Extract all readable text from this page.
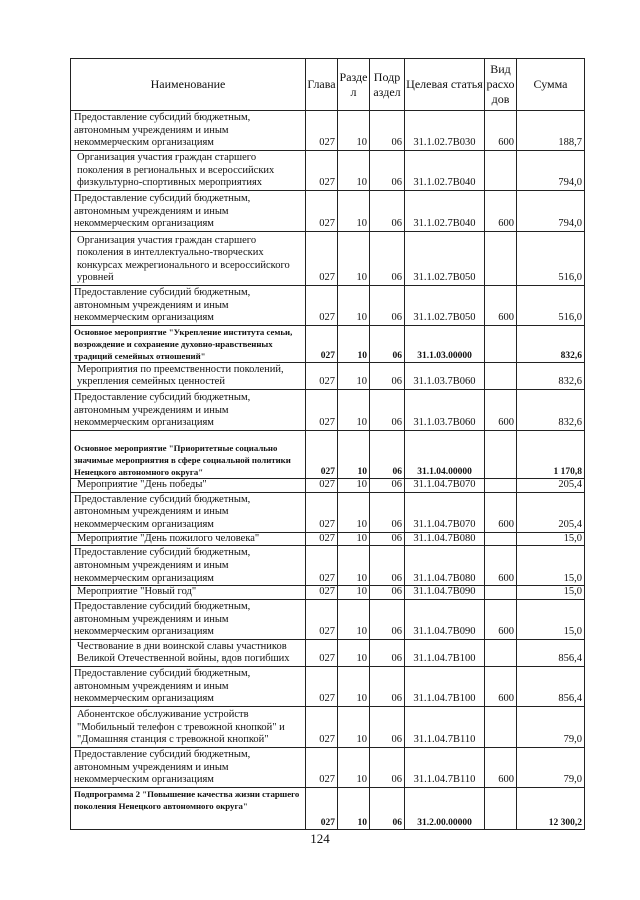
Наименование	Глава	Разде л	Подр аздел	Целевая статья	Вид расхо дов	Сумма
Предоставление субсидий бюджетным, автономным учреждениям и иным некоммерческим организациям	027	10	06	31.1.02.7В030	600	188,7
Организация участия граждан старшего поколения в региональных и всероссийских физкультурно-спортивных мероприятиях	027	10	06	31.1.02.7В040		794,0
Предоставление субсидий бюджетным, автономным учреждениям и иным некоммерческим организациям	027	10	06	31.1.02.7В040	600	794,0
Организация участия граждан старшего поколения в интеллектуально-творческих конкурсах межрегионального и всероссийского уровней	027	10	06	31.1.02.7В050		516,0
Предоставление субсидий бюджетным, автономным учреждениям и иным некоммерческим организациям	027	10	06	31.1.02.7В050	600	516,0
Основное мероприятие "Укрепление института семьи, возрождение и сохранение духовно-нравственных традиций семейных отношений"	027	10	06	31.1.03.00000		832,6
Мероприятия по преемственности поколений, укрепления семейных ценностей	027	10	06	31.1.03.7В060		832,6
Предоставление субсидий бюджетным, автономным учреждениям и иным некоммерческим организациям	027	10	06	31.1.03.7В060	600	832,6
Основное мероприятие "Приоритетные социально значимые мероприятия в сфере социальной политики Ненецкого автономного округа"	027	10	06	31.1.04.00000		1 170,8
Мероприятие "День победы"	027	10	06	31.1.04.7В070		205,4
Предоставление субсидий бюджетным, автономным учреждениям и иным некоммерческим организациям	027	10	06	31.1.04.7В070	600	205,4
Мероприятие "День пожилого человека"	027	10	06	31.1.04.7В080		15,0
Предоставление субсидий бюджетным, автономным учреждениям и иным некоммерческим организациям	027	10	06	31.1.04.7В080	600	15,0
Мероприятие "Новый год"	027	10	06	31.1.04.7В090		15,0
Предоставление субсидий бюджетным, автономным учреждениям и иным некоммерческим организациям	027	10	06	31.1.04.7В090	600	15,0
Чествование в дни воинской славы участников Великой Отечественной войны, вдов погибших	027	10	06	31.1.04.7В100		856,4
Предоставление субсидий бюджетным, автономным учреждениям и иным некоммерческим организациям	027	10	06	31.1.04.7В100	600	856,4
Абонентское обслуживание устройств "Мобильный телефон с тревожной кнопкой" и "Домашняя станция с тревожной кнопкой"	027	10	06	31.1.04.7В110		79,0
Предоставление субсидий бюджетным, автономным учреждениям и иным некоммерческим организациям	027	10	06	31.1.04.7В110	600	79,0
Подпрограмма 2 "Повышение качества жизни старшего поколения Ненецкого автономного округа"	027	10	06	31.2.00.00000		12 300,2
124
